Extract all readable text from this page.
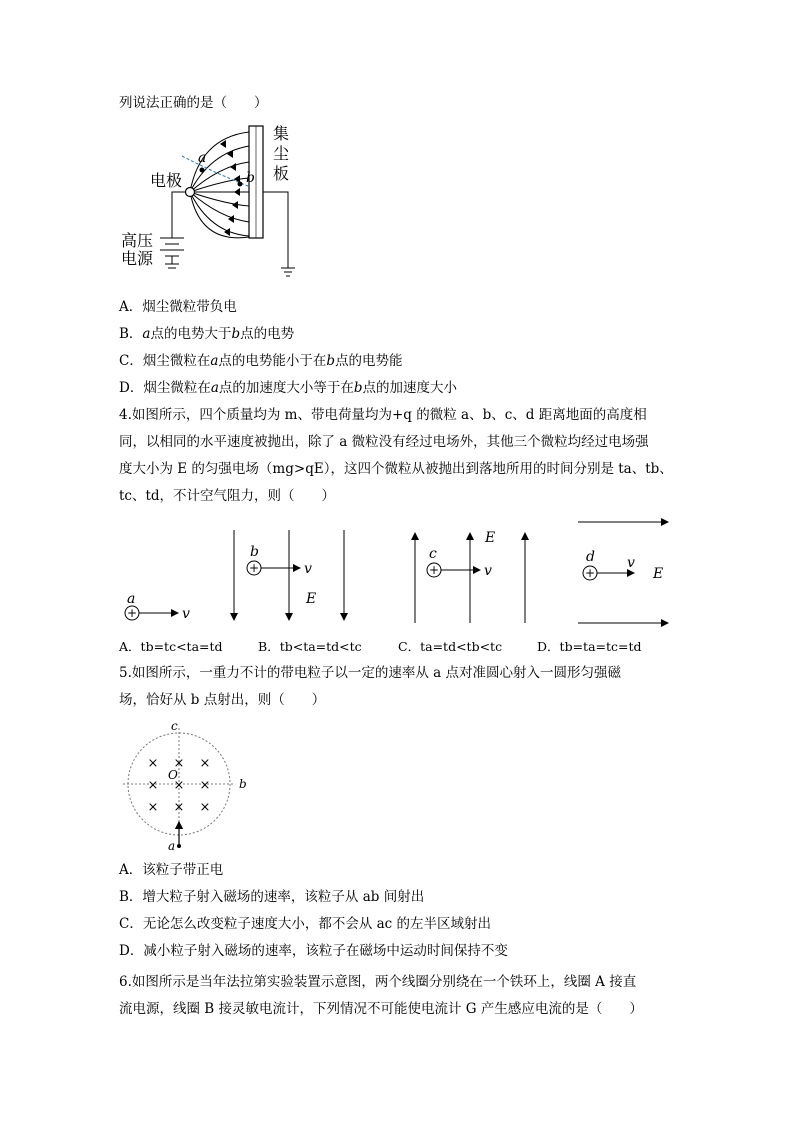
列说法正确的是（　　）
a
b
集
尘
板
电极
高压
电源
A．烟尘微粒带负电
B．a点的电势大于b点的电势
C．烟尘微粒在a点的电势能小于在b点的电势能
D．烟尘微粒在a点的加速度大小等于在b点的加速度大小
4.如图所示，四个质量均为 m、带电荷量均为+q 的微粒 a、b、c、d 距离地面的高度相
同，以相同的水平速度被抛出，除了 a 微粒没有经过电场外，其他三个微粒均经过电场强
度大小为 E 的匀强电场（mg>qE），这四个微粒从被抛出到落地所用的时间分别是 ta、tb、
tc、td，不计空气阻力，则（　　）
+
a
v
+
b
v
E
+
c
v
E
+
d v
E
A．tb=tc<ta=td	B．tb<ta=td<tc	C．ta=td<tb<tc	D．tb=ta=tc=td
5.如图所示，一重力不计的带电粒子以一定的速率从 a 点对准圆心射入一圆形匀强磁
场，恰好从 b 点射出，则（　　）
× × ×
× × ×
× × ×
O
c
b
a
A．该粒子带正电
B．增大粒子射入磁场的速率，该粒子从 ab 间射出
C．无论怎么改变粒子速度大小，都不会从 ac 的左半区域射出
D．减小粒子射入磁场的速率，该粒子在磁场中运动时间保持不变
6.如图所示是当年法拉第实验装置示意图，两个线圈分别绕在一个铁环上，线圈 A 接直
流电源，线圈 B 接灵敏电流计，下列情况不可能使电流计 G 产生感应电流的是（　　）
